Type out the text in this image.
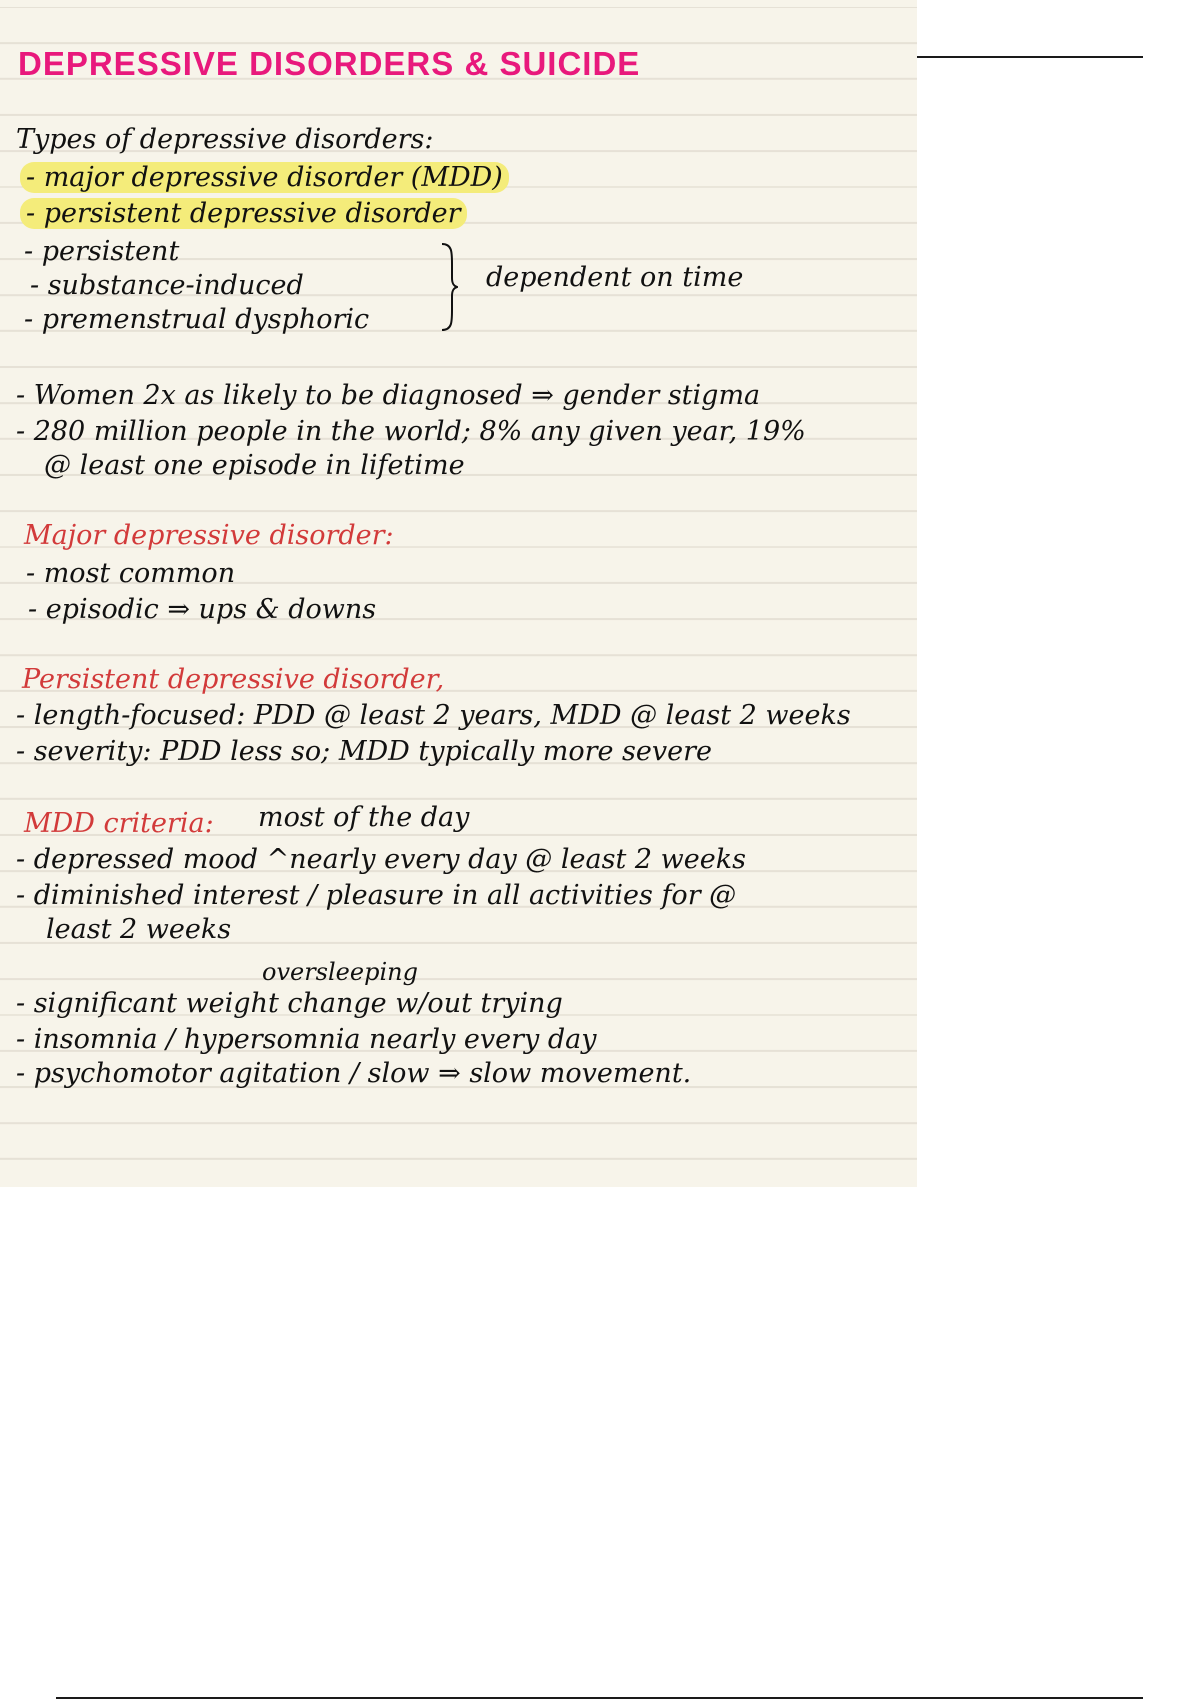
DEPRESSIVE DISORDERS & SUICIDE
Types of depressive disorders:
- major depressive disorder (MDD)
- persistent depressive disorder
- persistent
- substance-induced
- premenstrual dysphoric
dependent on time
- Women 2x as likely to be diagnosed ⇒ gender stigma
- 280 million people in the world; 8% any given year, 19%
@ least one episode in lifetime
Major depressive disorder:
- most common
- episodic ⇒ ups & downs
Persistent depressive disorder,
- length-focused: PDD @ least 2 years, MDD @ least 2 weeks
- severity: PDD less so; MDD typically more severe
MDD criteria: most of the day
- depressed mood ^nearly every day @ least 2 weeks
- diminished interest / pleasure in all activities for @
least 2 weeks
oversleeping
- significant weight change w/out trying
- insomnia / hypersomnia nearly every day
- psychomotor agitation / slow ⇒ slow movement.
